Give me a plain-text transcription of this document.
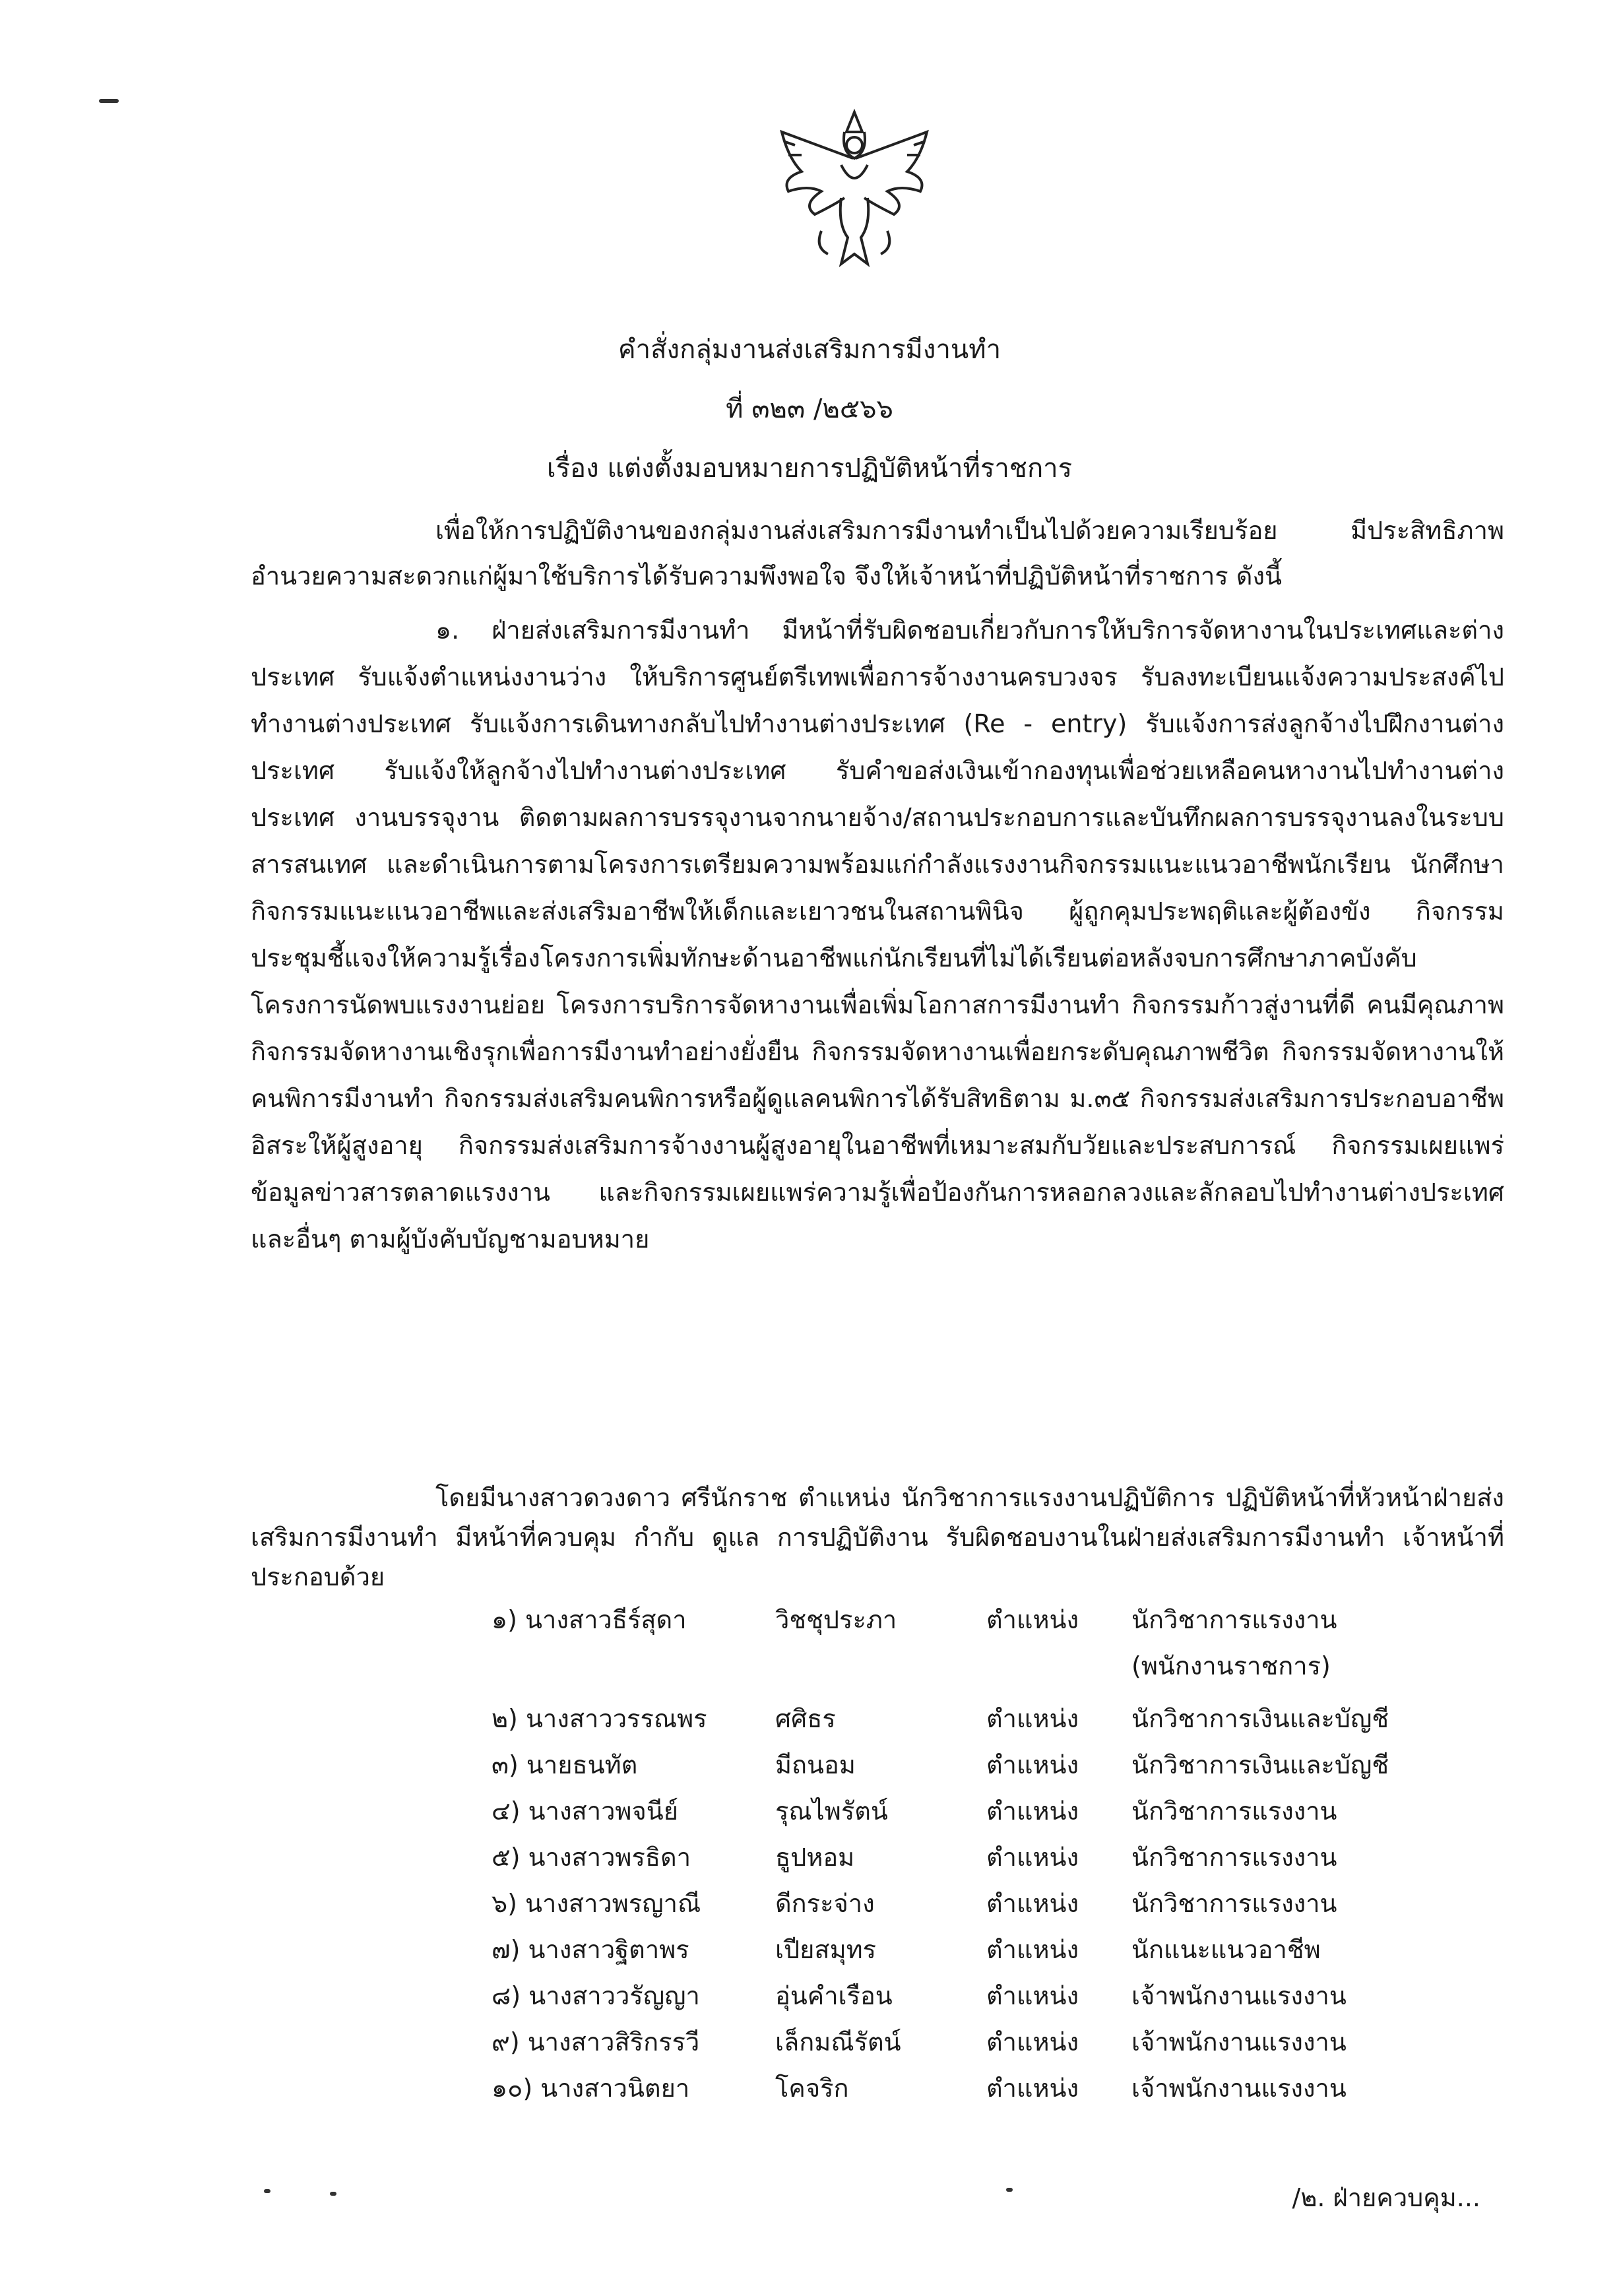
คำสั่งกลุ่มงานส่งเสริมการมีงานทำ
ที่ ๓๒๓ /๒๕๖๖
เรื่อง แต่งตั้งมอบหมายการปฏิบัติหน้าที่ราชการ
เพื่อให้การปฏิบัติงานของกลุ่มงานส่งเสริมการมีงานทำเป็นไปด้วยความเรียบร้อย มีประสิทธิภาพ อำนวยความสะดวกแก่ผู้มาใช้บริการได้รับความพึงพอใจ จึงให้เจ้าหน้าที่ปฏิบัติหน้าที่ราชการ ดังนี้
๑. ฝ่ายส่งเสริมการมีงานทำ มีหน้าที่รับผิดชอบเกี่ยวกับการให้บริการจัดหางานในประเทศและต่างประเทศ รับแจ้งตำแหน่งงานว่าง ให้บริการศูนย์ตรีเทพเพื่อการจ้างงานครบวงจร รับลงทะเบียนแจ้งความประสงค์ไปทำงานต่างประเทศ รับแจ้งการเดินทางกลับไปทำงานต่างประเทศ (Re - entry) รับแจ้งการส่งลูกจ้างไปฝึกงานต่างประเทศ รับแจ้งให้ลูกจ้างไปทำงานต่างประเทศ รับคำขอส่งเงินเข้ากองทุนเพื่อช่วยเหลือคนหางานไปทำงานต่างประเทศ งานบรรจุงาน ติดตามผลการบรรจุงานจากนายจ้าง/สถานประกอบการและบันทึกผลการบรรจุงานลงในระบบสารสนเทศ และดำเนินการตามโครงการเตรียมความพร้อมแก่กำลังแรงงานกิจกรรมแนะแนวอาชีพนักเรียน นักศึกษา กิจกรรมแนะแนวอาชีพและส่งเสริมอาชีพให้เด็กและเยาวชนในสถานพินิจ ผู้ถูกคุมประพฤติและผู้ต้องขัง กิจกรรมประชุมชี้แจงให้ความรู้เรื่องโครงการเพิ่มทักษะด้านอาชีพแก่นักเรียนที่ไม่ได้เรียนต่อหลังจบการศึกษาภาคบังคับ โครงการนัดพบแรงงานย่อย โครงการบริการจัดหางานเพื่อเพิ่มโอกาสการมีงานทำ กิจกรรมก้าวสู่งานที่ดี คนมีคุณภาพ กิจกรรมจัดหางานเชิงรุกเพื่อการมีงานทำอย่างยั่งยืน กิจกรรมจัดหางานเพื่อยกระดับคุณภาพชีวิต กิจกรรมจัดหางานให้คนพิการมีงานทำ กิจกรรมส่งเสริมคนพิการหรือผู้ดูแลคนพิการได้รับสิทธิตาม ม.๓๕ กิจกรรมส่งเสริมการประกอบอาชีพอิสระให้ผู้สูงอายุ กิจกรรมส่งเสริมการจ้างงานผู้สูงอายุในอาชีพที่เหมาะสมกับวัยและประสบการณ์ กิจกรรมเผยแพร่ข้อมูลข่าวสารตลาดแรงงาน และกิจกรรมเผยแพร่ความรู้เพื่อป้องกันการหลอกลวงและลักลอบไปทำงานต่างประเทศ และอื่นๆ ตามผู้บังคับบัญชามอบหมาย
โดยมีนางสาวดวงดาว ศรีนักราช ตำแหน่ง นักวิชาการแรงงานปฏิบัติการ ปฏิบัติหน้าที่หัวหน้าฝ่ายส่งเสริมการมีงานทำ มีหน้าที่ควบคุม กำกับ ดูแล การปฏิบัติงาน รับผิดชอบงานในฝ่ายส่งเสริมการมีงานทำ เจ้าหน้าที่ประกอบด้วย
๑) นางสาวธีร์สุดา	วิชชุประภา	ตำแหน่ง	นักวิชาการแรงงาน
(พนักงานราชการ)
๒) นางสาววรรณพร	ศศิธร	ตำแหน่ง	นักวิชาการเงินและบัญชี
๓) นายธนทัต	มีถนอม	ตำแหน่ง	นักวิชาการเงินและบัญชี
๔) นางสาวพจนีย์	รุณไพรัตน์	ตำแหน่ง	นักวิชาการแรงงาน
๕) นางสาวพรธิดา	ธูปหอม	ตำแหน่ง	นักวิชาการแรงงาน
๖) นางสาวพรญาณี	ดีกระจ่าง	ตำแหน่ง	นักวิชาการแรงงาน
๗) นางสาวฐิตาพร	เปียสมุทร	ตำแหน่ง	นักแนะแนวอาชีพ
๘) นางสาววรัญญา	อุ่นคำเรือน	ตำแหน่ง	เจ้าพนักงานแรงงาน
๙) นางสาวสิริกรรวี	เล็กมณีรัตน์	ตำแหน่ง	เจ้าพนักงานแรงงาน
๑๐) นางสาวนิตยา	โคจริก	ตำแหน่ง	เจ้าพนักงานแรงงาน
/๒. ฝ่ายควบคุม...
